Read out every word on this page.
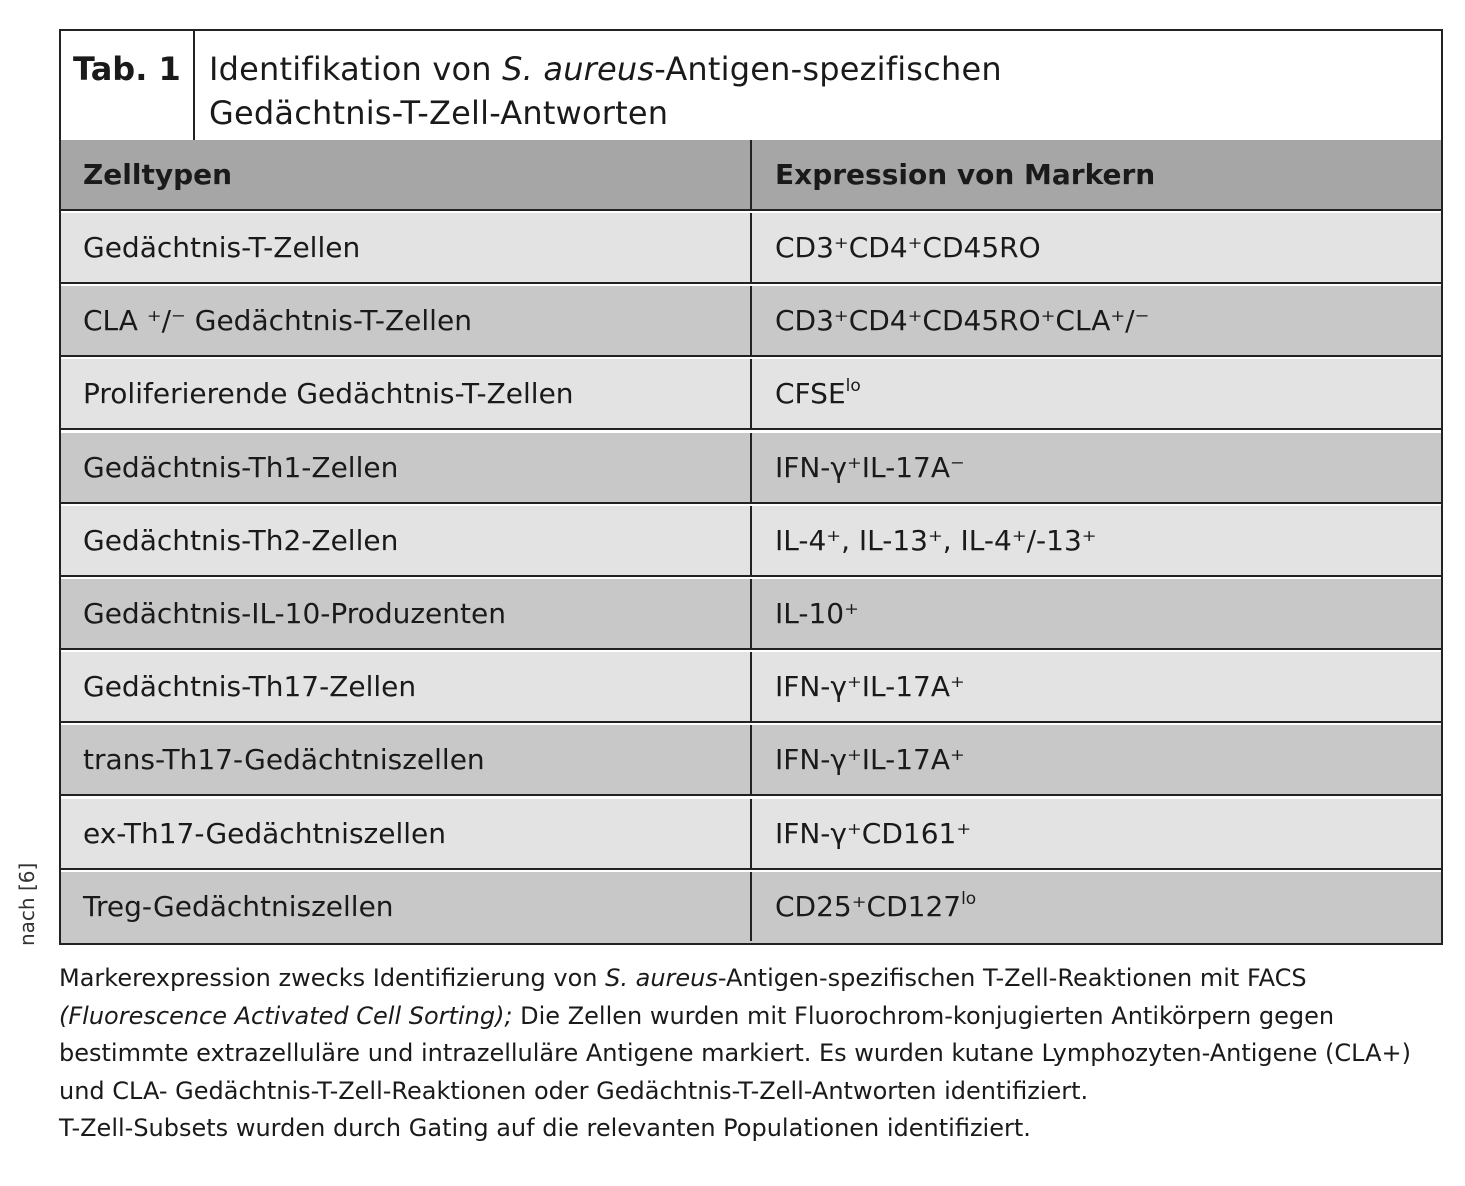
nach [6]
Tab. 1 Identifikation von S. aureus-Antigen-spezifischen
Gedächtnis-T-Zell-Antworten
Zelltypen	Expression von Markern
Gedächtnis-T-Zellen	CD3⁺CD4⁺CD45RO
CLA ⁺/⁻ Gedächtnis-T-Zellen	CD3⁺CD4⁺CD45RO⁺CLA⁺/⁻
Proliferierende Gedächtnis-T-Zellen	$CFSE^{lo}$
Gedächtnis-Th1-Zellen	IFN-γ⁺IL-17A⁻
Gedächtnis-Th2-Zellen	IL-4⁺, IL-13⁺, IL-4⁺/-13⁺
Gedächtnis-IL-10-Produzenten	IL-10⁺
Gedächtnis-Th17-Zellen	IFN-γ⁺IL-17A⁺
trans-Th17-Gedächtniszellen	IFN-γ⁺IL-17A⁺
ex-Th17-Gedächtniszellen	IFN-γ⁺CD161⁺
Treg-Gedächtniszellen	$CD25^+CD127^{lo}$

Markerexpression zwecks Identifizierung von S. aureus-Antigen-spezifischen T-Zell-Reaktionen mit FACS (Fluorescence Activated Cell Sorting); Die Zellen wurden mit Fluorochrom-konjugierten Antikörpern gegen bestimmte extrazelluläre und intrazelluläre Antigene markiert. Es wurden kutane Lymphozyten-Antigene (CLA+) und CLA- Gedächtnis-T-Zell-Reaktionen oder Gedächtnis-T-Zell-Antworten identifiziert.

T-Zell-Subsets wurden durch Gating auf die relevanten Populationen identifiziert.
